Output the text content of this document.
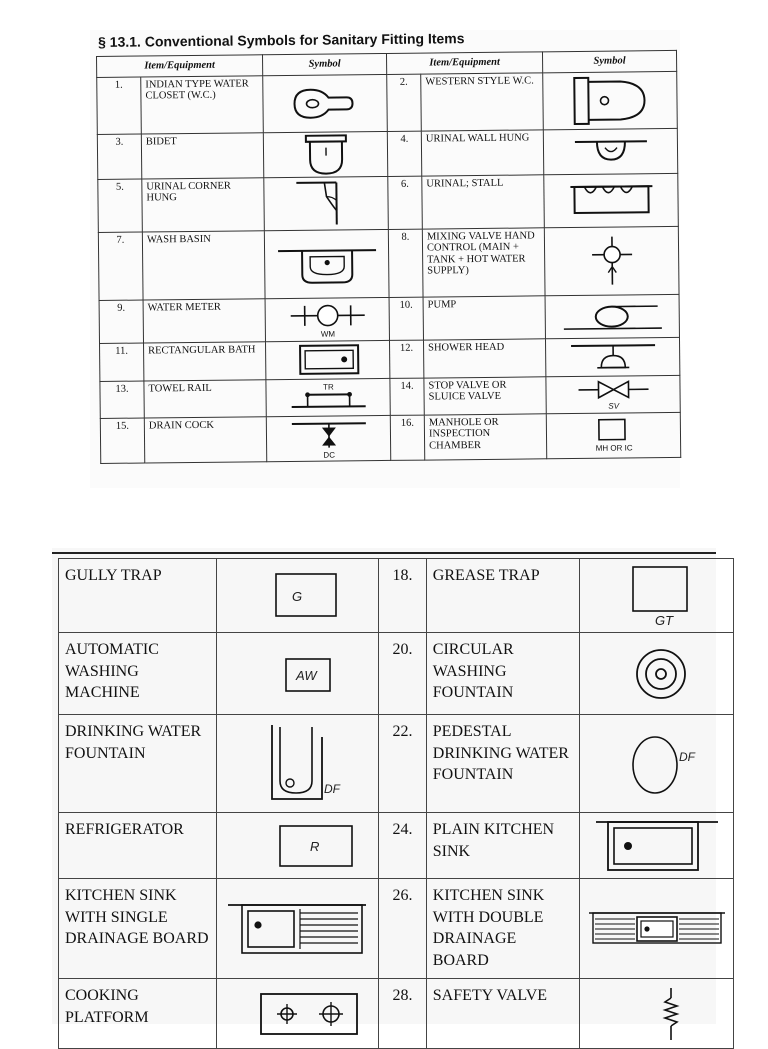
§ 13.1. Conventional Symbols for Sanitary Fitting Items
Item/Equipment		Symbol	Item/Equipment		Symbol
1.	INDIAN TYPE WATER CLOSET (W.C.)		2.	WESTERN STYLE W.C.	

3.	BIDET		4.	URINAL WALL HUNG	

5.	URINAL CORNER HUNG		6.	URINAL; STALL	

7.	WASH BASIN		8.	MIXING VALVE HAND CONTROL (MAIN + TANK + HOT WATER SUPPLY)	

9.	WATER METER	WM	10.	PUMP	

11.	RECTANGULAR BATH		12.	SHOWER HEAD	

13.	TOWEL RAIL	TR	14.	STOP VALVE OR SLUICE VALVE	SV

15.	DRAIN COCK	DC	16.	MANHOLE OR INSPECTION CHAMBER	MH OR IC
GULLY TRAP	G	18.	GREASE TRAP	GT

AUTOMATIC WASHING MACHINE	AW	20.	CIRCULAR WASHING FOUNTAIN	

DRINKING WATER FOUNTAIN	DF	22.	PEDESTAL DRINKING WATER FOUNTAIN	DF

REFRIGERATOR	R	24.	PLAIN KITCHEN SINK	

KITCHEN SINK WITH SINGLE DRAINAGE BOARD		26.	KITCHEN SINK WITH DOUBLE DRAINAGE BOARD	

COOKING PLATFORM		28.	SAFETY VALVE	
